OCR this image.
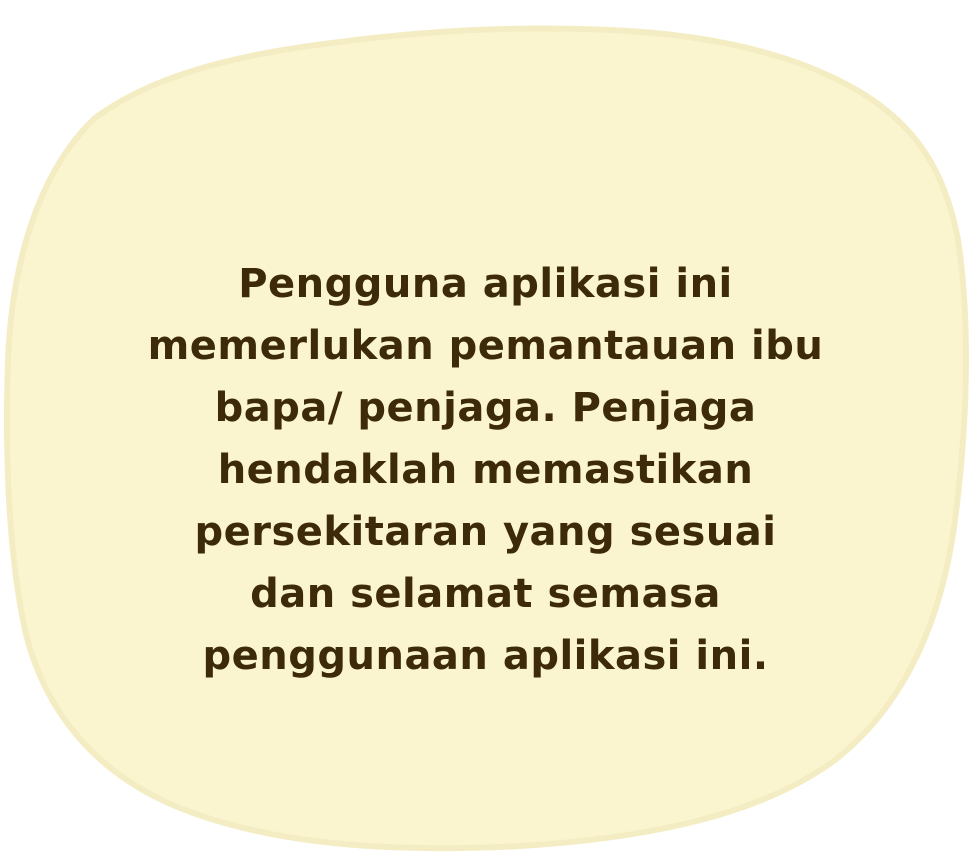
Pengguna aplikasi ini
memerlukan pemantauan ibu
bapa/ penjaga. Penjaga
hendaklah memastikan
persekitaran yang sesuai
dan selamat semasa
penggunaan aplikasi ini.
